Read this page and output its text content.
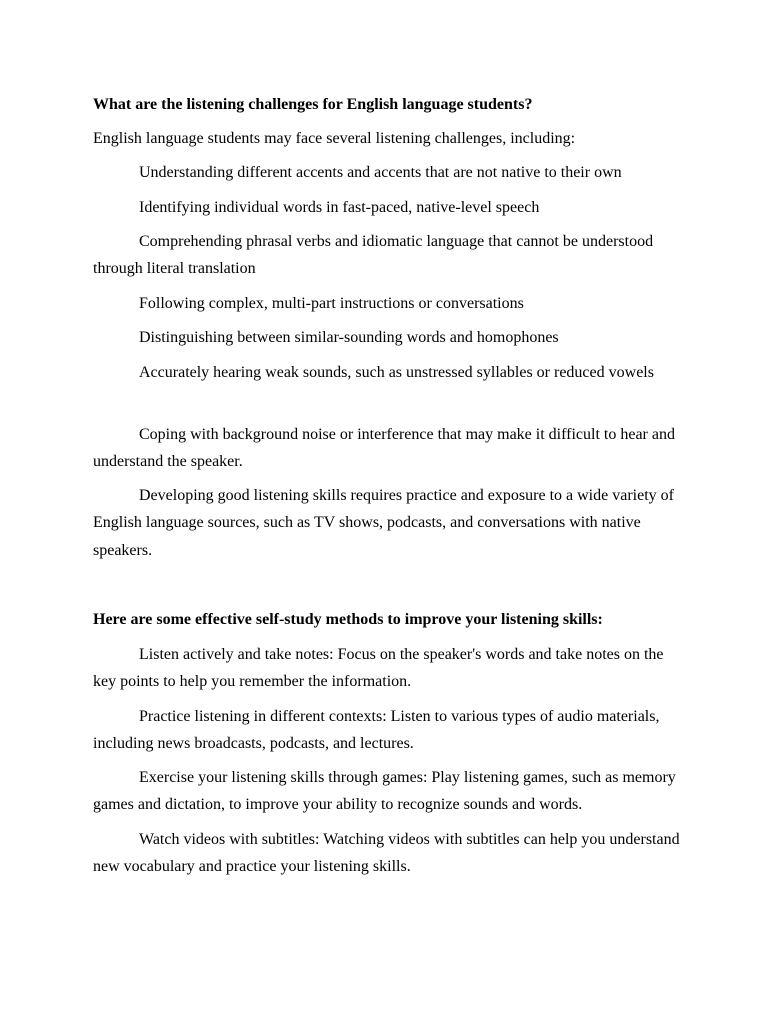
What are the listening challenges for English language students?

English language students may face several listening challenges, including:

Understanding different accents and accents that are not native to their own

Identifying individual words in fast-paced, native-level speech

Comprehending phrasal verbs and idiomatic language that cannot be understood through literal translation

Following complex, multi-part instructions or conversations

Distinguishing between similar-sounding words and homophones

Accurately hearing weak sounds, such as unstressed syllables or reduced vowels

Coping with background noise or interference that may make it difficult to hear and understand the speaker.

Developing good listening skills requires practice and exposure to a wide variety of English language sources, such as TV shows, podcasts, and conversations with native speakers.

Here are some effective self-study methods to improve your listening skills:

Listen actively and take notes: Focus on the speaker's words and take notes on the key points to help you remember the information.

Practice listening in different contexts: Listen to various types of audio materials, including news broadcasts, podcasts, and lectures.

Exercise your listening skills through games: Play listening games, such as memory games and dictation, to improve your ability to recognize sounds and words.

Watch videos with subtitles: Watching videos with subtitles can help you understand new vocabulary and practice your listening skills.
